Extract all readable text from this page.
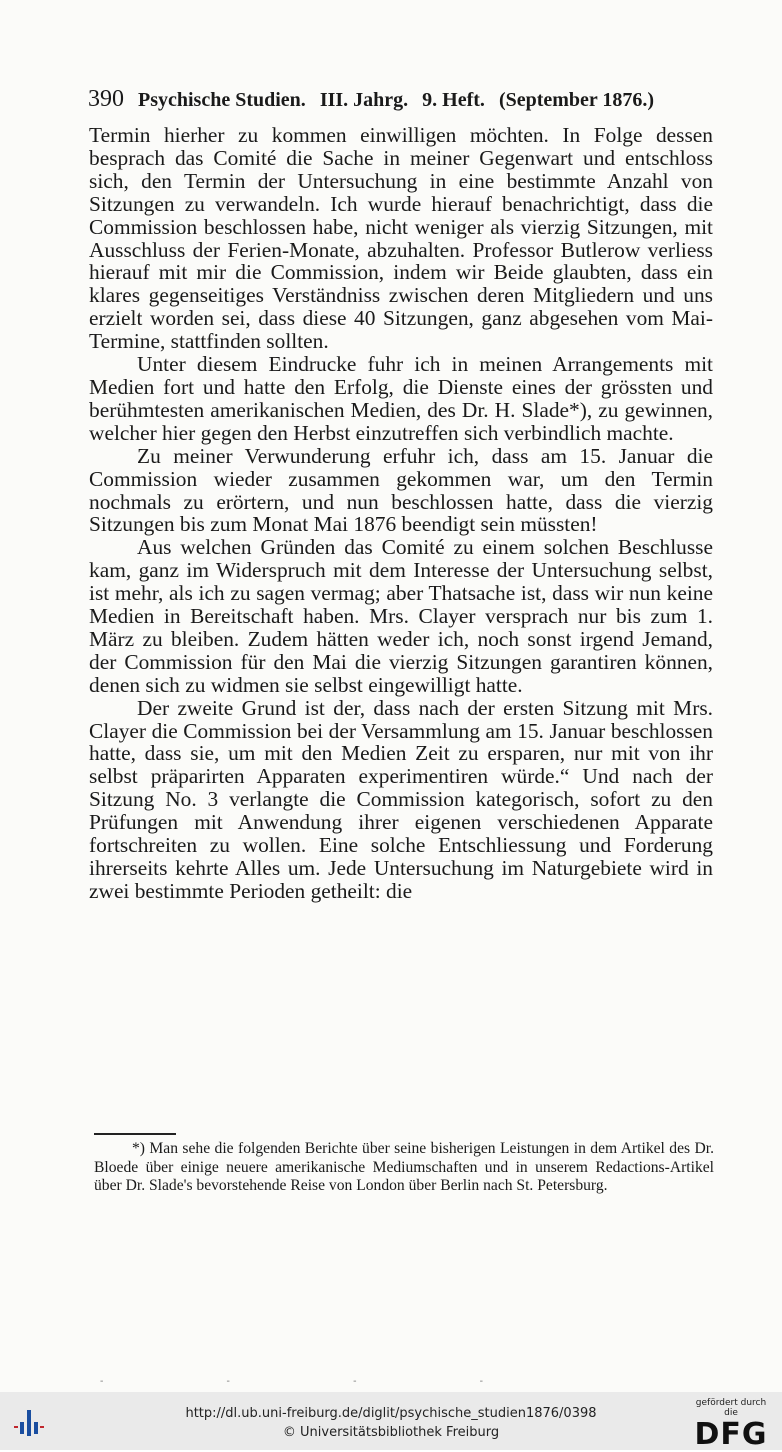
390 Psychische Studien. III. Jahrg. 9. Heft. (September 1876.)

Termin hierher zu kommen einwilligen möchten. In Folge dessen besprach das Comité die Sache in meiner Gegenwart und entschloss sich, den Termin der Untersuchung in eine bestimmte Anzahl von Sitzungen zu verwandeln. Ich wurde hierauf benachrichtigt, dass die Commission beschlossen habe, nicht weniger als vierzig Sitzungen, mit Ausschluss der Ferien-Monate, abzuhalten. Professor Butlerow verliess hierauf mit mir die Commission, indem wir Beide glaubten, dass ein klares gegenseitiges Verständniss zwischen deren Mitgliedern und uns erzielt worden sei, dass diese 40 Sitzungen, ganz abgesehen vom Mai-Termine, stattfinden sollten.

Unter diesem Eindrucke fuhr ich in meinen Arrangements mit Medien fort und hatte den Erfolg, die Dienste eines der grössten und berühmtesten amerikanischen Medien, des Dr. H. Slade*), zu gewinnen, welcher hier gegen den Herbst einzutreffen sich verbindlich machte.

Zu meiner Verwunderung erfuhr ich, dass am 15. Januar die Commission wieder zusammen gekommen war, um den Termin nochmals zu erörtern, und nun beschlossen hatte, dass die vierzig Sitzungen bis zum Monat Mai 1876 beendigt sein müssten!

Aus welchen Gründen das Comité zu einem solchen Beschlusse kam, ganz im Widerspruch mit dem Interesse der Untersuchung selbst, ist mehr, als ich zu sagen vermag; aber Thatsache ist, dass wir nun keine Medien in Bereitschaft haben. Mrs. Clayer versprach nur bis zum 1. März zu bleiben. Zudem hätten weder ich, noch sonst irgend Jemand, der Commission für den Mai die vierzig Sitzungen garantiren können, denen sich zu widmen sie selbst eingewilligt hatte.

Der zweite Grund ist der, dass nach der ersten Sitzung mit Mrs. Clayer die Commission bei der Versammlung am 15. Januar beschlossen hatte, dass sie, um mit den Medien Zeit zu ersparen, nur mit von ihr selbst präparirten Apparaten experimentiren würde.“ Und nach der Sitzung No. 3 verlangte die Commission kategorisch, sofort zu den Prüfungen mit Anwendung ihrer eigenen verschiedenen Apparate fortschreiten zu wollen. Eine solche Entschliessung und Forderung ihrerseits kehrte Alles um. Jede Untersuchung im Naturgebiete wird in zwei bestimmte Perioden getheilt: die

*) Man sehe die folgenden Berichte über seine bisherigen Leistungen in dem Artikel des Dr. Bloede über einige neuere amerikanische Mediumschaften und in unserem Redactions-Artikel über Dr. Slade's bevorstehende Reise von London über Berlin nach St. Petersburg.
- - - -
http://dl.ub.uni-freiburg.de/diglit/psychische_studien1876/0398
© Universitätsbibliothek Freiburg
gefördert durch die
DFG
